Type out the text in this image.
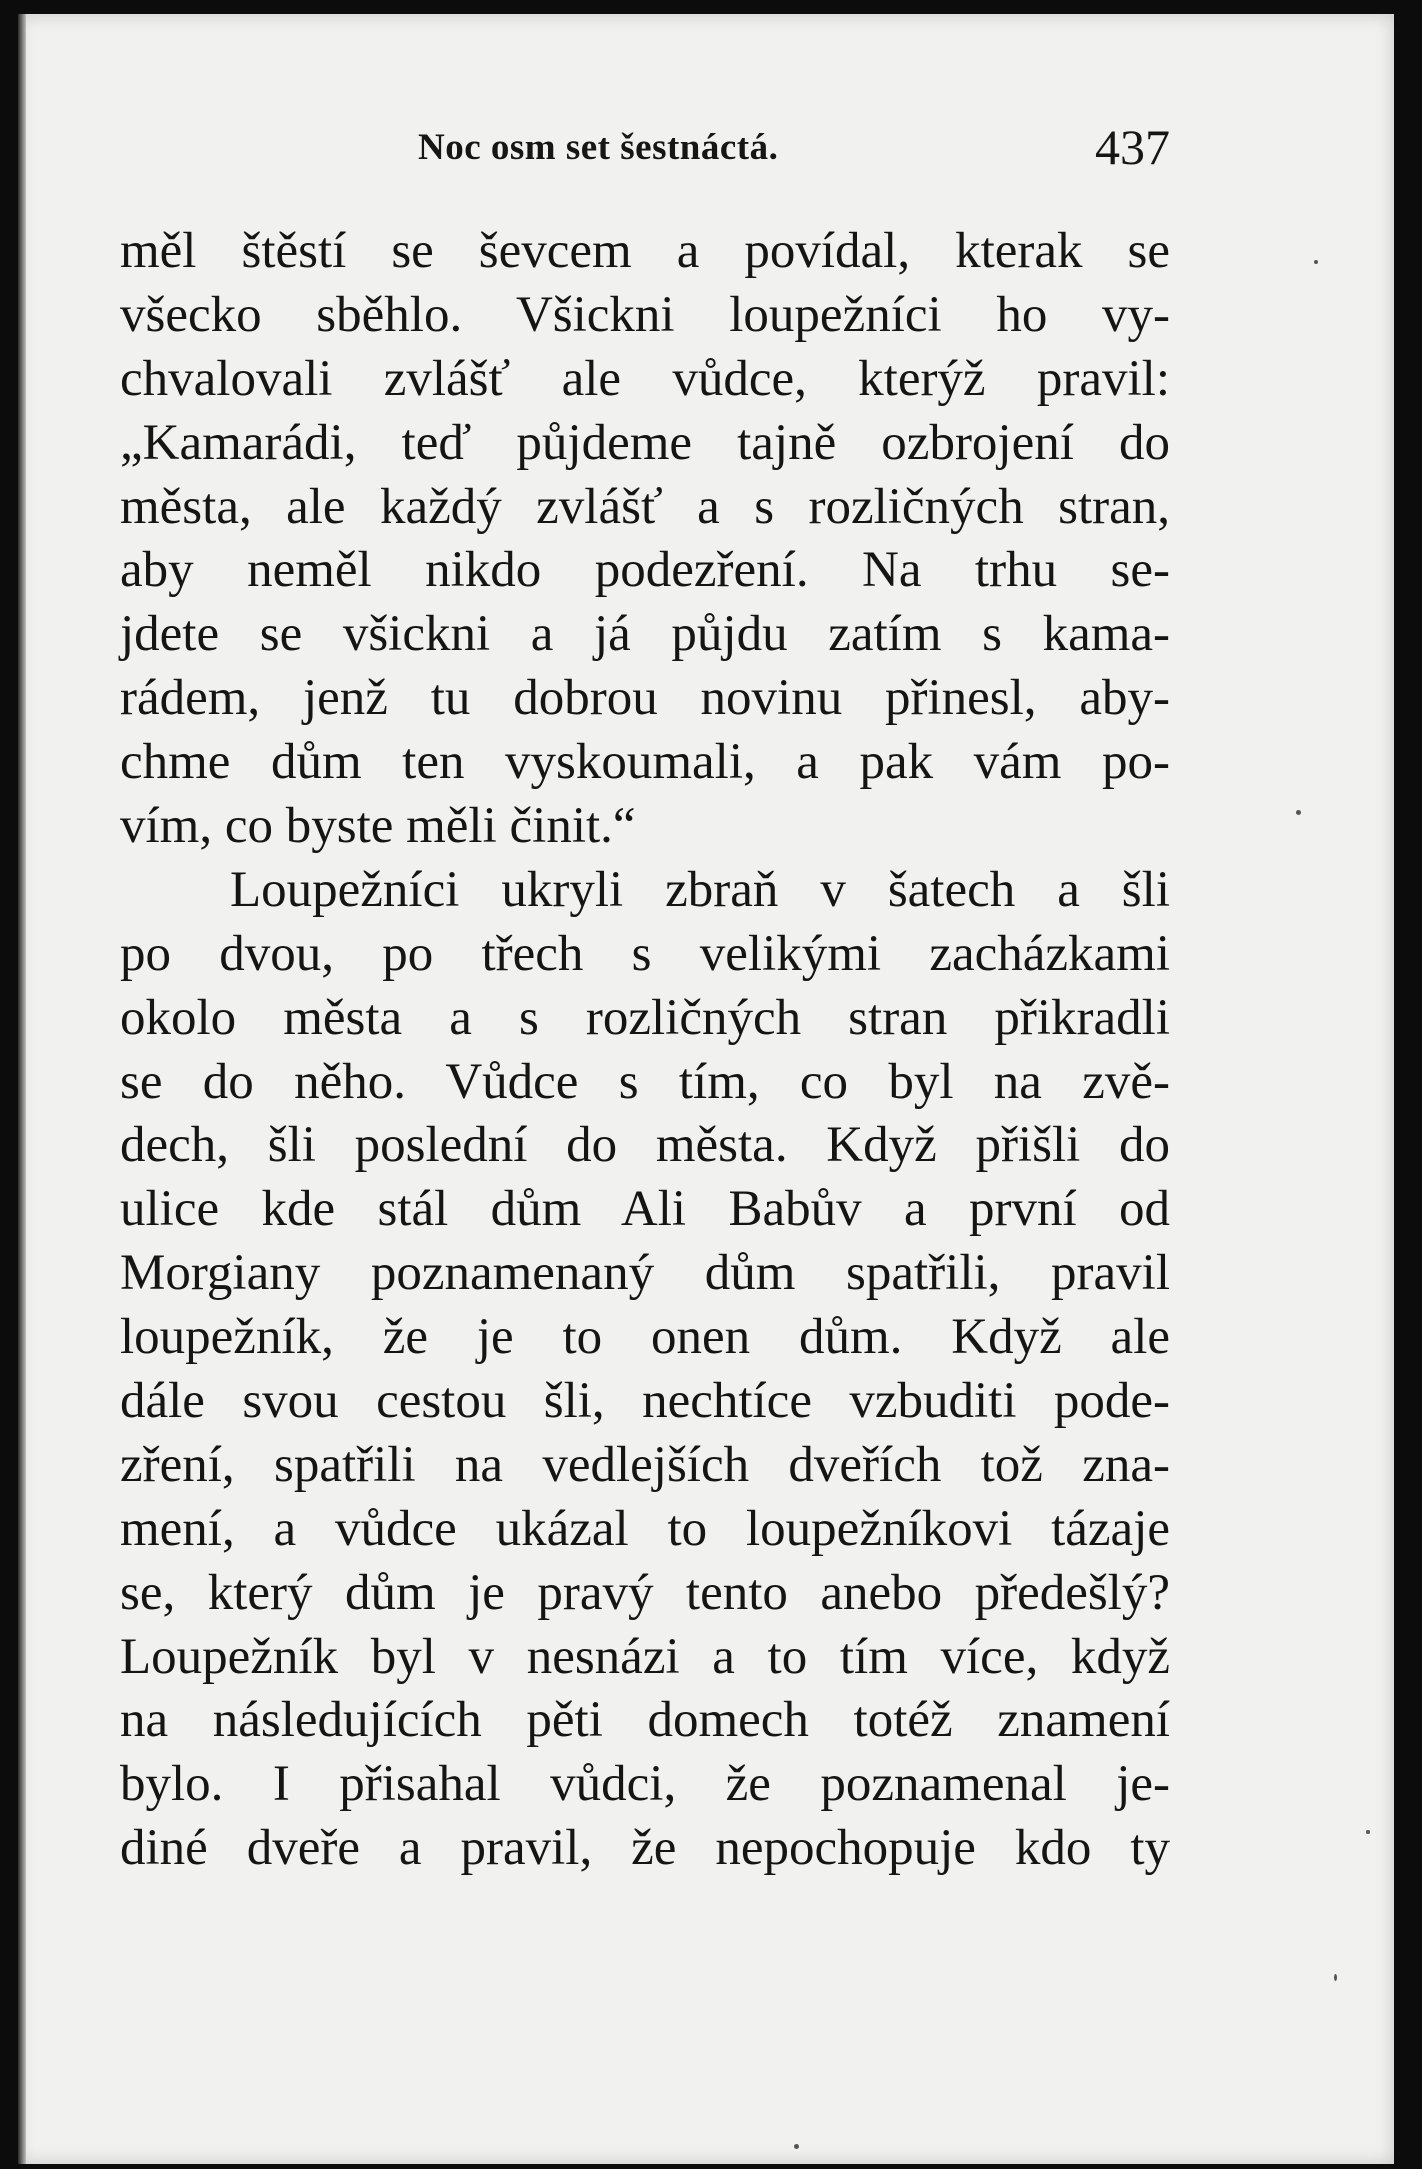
Noc osm set šestnáctá.	437
měl štěstí se ševcem a povídal, kterak se
všecko sběhlo. Všickni loupežníci ho vy-
chvalovali zvlášť ale vůdce, kterýž pravil:
„Kamarádi, teď půjdeme tajně ozbrojení do
města, ale každý zvlášť a s rozličných stran,
aby neměl nikdo podezření. Na trhu se-
jdete se všickni a já půjdu zatím s kama-
rádem, jenž tu dobrou novinu přinesl, aby-
chme dům ten vyskoumali, a pak vám po-
vím, co byste měli činit.“
Loupežníci ukryli zbraň v šatech a šli
po dvou, po třech s velikými zacházkami
okolo města a s rozličných stran přikradli
se do něho. Vůdce s tím, co byl na zvě-
dech, šli poslední do města. Když přišli do
ulice kde stál dům Ali Babův a první od
Morgiany poznamenaný dům spatřili, pravil
loupežník, že je to onen dům. Když ale
dále svou cestou šli, nechtíce vzbuditi pode-
zření, spatřili na vedlejších dveřích tož zna-
mení, a vůdce ukázal to loupežníkovi tázaje
se, který dům je pravý tento anebo předešlý?
Loupežník byl v nesnázi a to tím více, když
na následujících pěti domech totéž znamení
bylo. I přisahal vůdci, že poznamenal je-
diné dveře a pravil, že nepochopuje kdo ty
